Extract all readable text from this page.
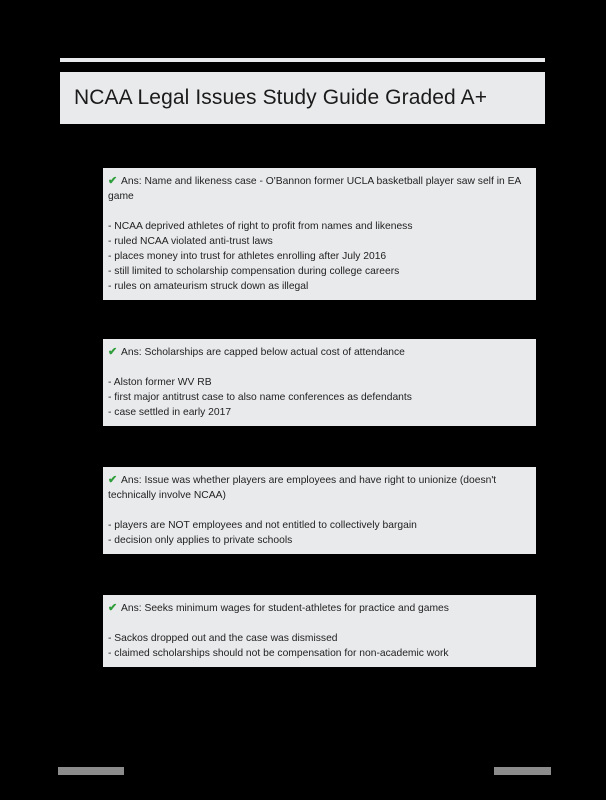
NCAA Legal Issues Study Guide Graded A+
✔ Ans: Name and likeness case - O'Bannon former UCLA basketball player saw self in EA game
- NCAA deprived athletes of right to profit from names and likeness
- ruled NCAA violated anti-trust laws
- places money into trust for athletes enrolling after July 2016
- still limited to scholarship compensation during college careers
- rules on amateurism struck down as illegal
✔ Ans: Scholarships are capped below actual cost of attendance
- Alston former WV RB
- first major antitrust case to also name conferences as defendants
- case settled in early 2017
✔ Ans: Issue was whether players are employees and have right to unionize (doesn't technically involve NCAA)
- players are NOT employees and not entitled to collectively bargain
- decision only applies to private schools
✔ Ans: Seeks minimum wages for student-athletes for practice and games
- Sackos dropped out and the case was dismissed
- claimed scholarships should not be compensation for non-academic work
